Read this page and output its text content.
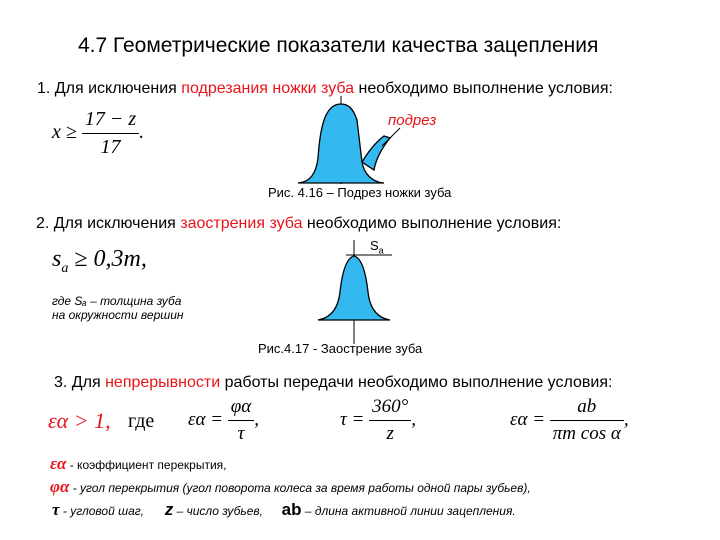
4.7 Геометрические показатели качества зацепления
1. Для исключения подрезания ножки зуба необходимо выполнение условия:
$x \ge \frac{17 - z}{17}$ .
подрез
Рис. 4.16 – Подрез ножки зуба
2. Для исключения заострения зуба необходимо выполнение условия:
$s_a \ge 0,3m$,
где Sₐ – толщина зуба
на окружности вершин
$S_a$
Рис.4.17 - Заострение зуба
3. Для непрерывности работы передачи необходимо выполнение условия:
εα > 1, где $\varepsilon\alpha = \frac{\varphi\alpha}{\tau}$ ,	$\tau = \frac{360^\circ}{z}$ ,	$\varepsilon\alpha = \frac{ab}{\text{πm cos α}}$ ,
εα - коэффициент перекрытия,
φα - угол перекрытия (угол поворота колеса за время работы одной пары зубьев),
τ - угловой шаг, z – число зубьев, ab – длина активной линии зацепления.
